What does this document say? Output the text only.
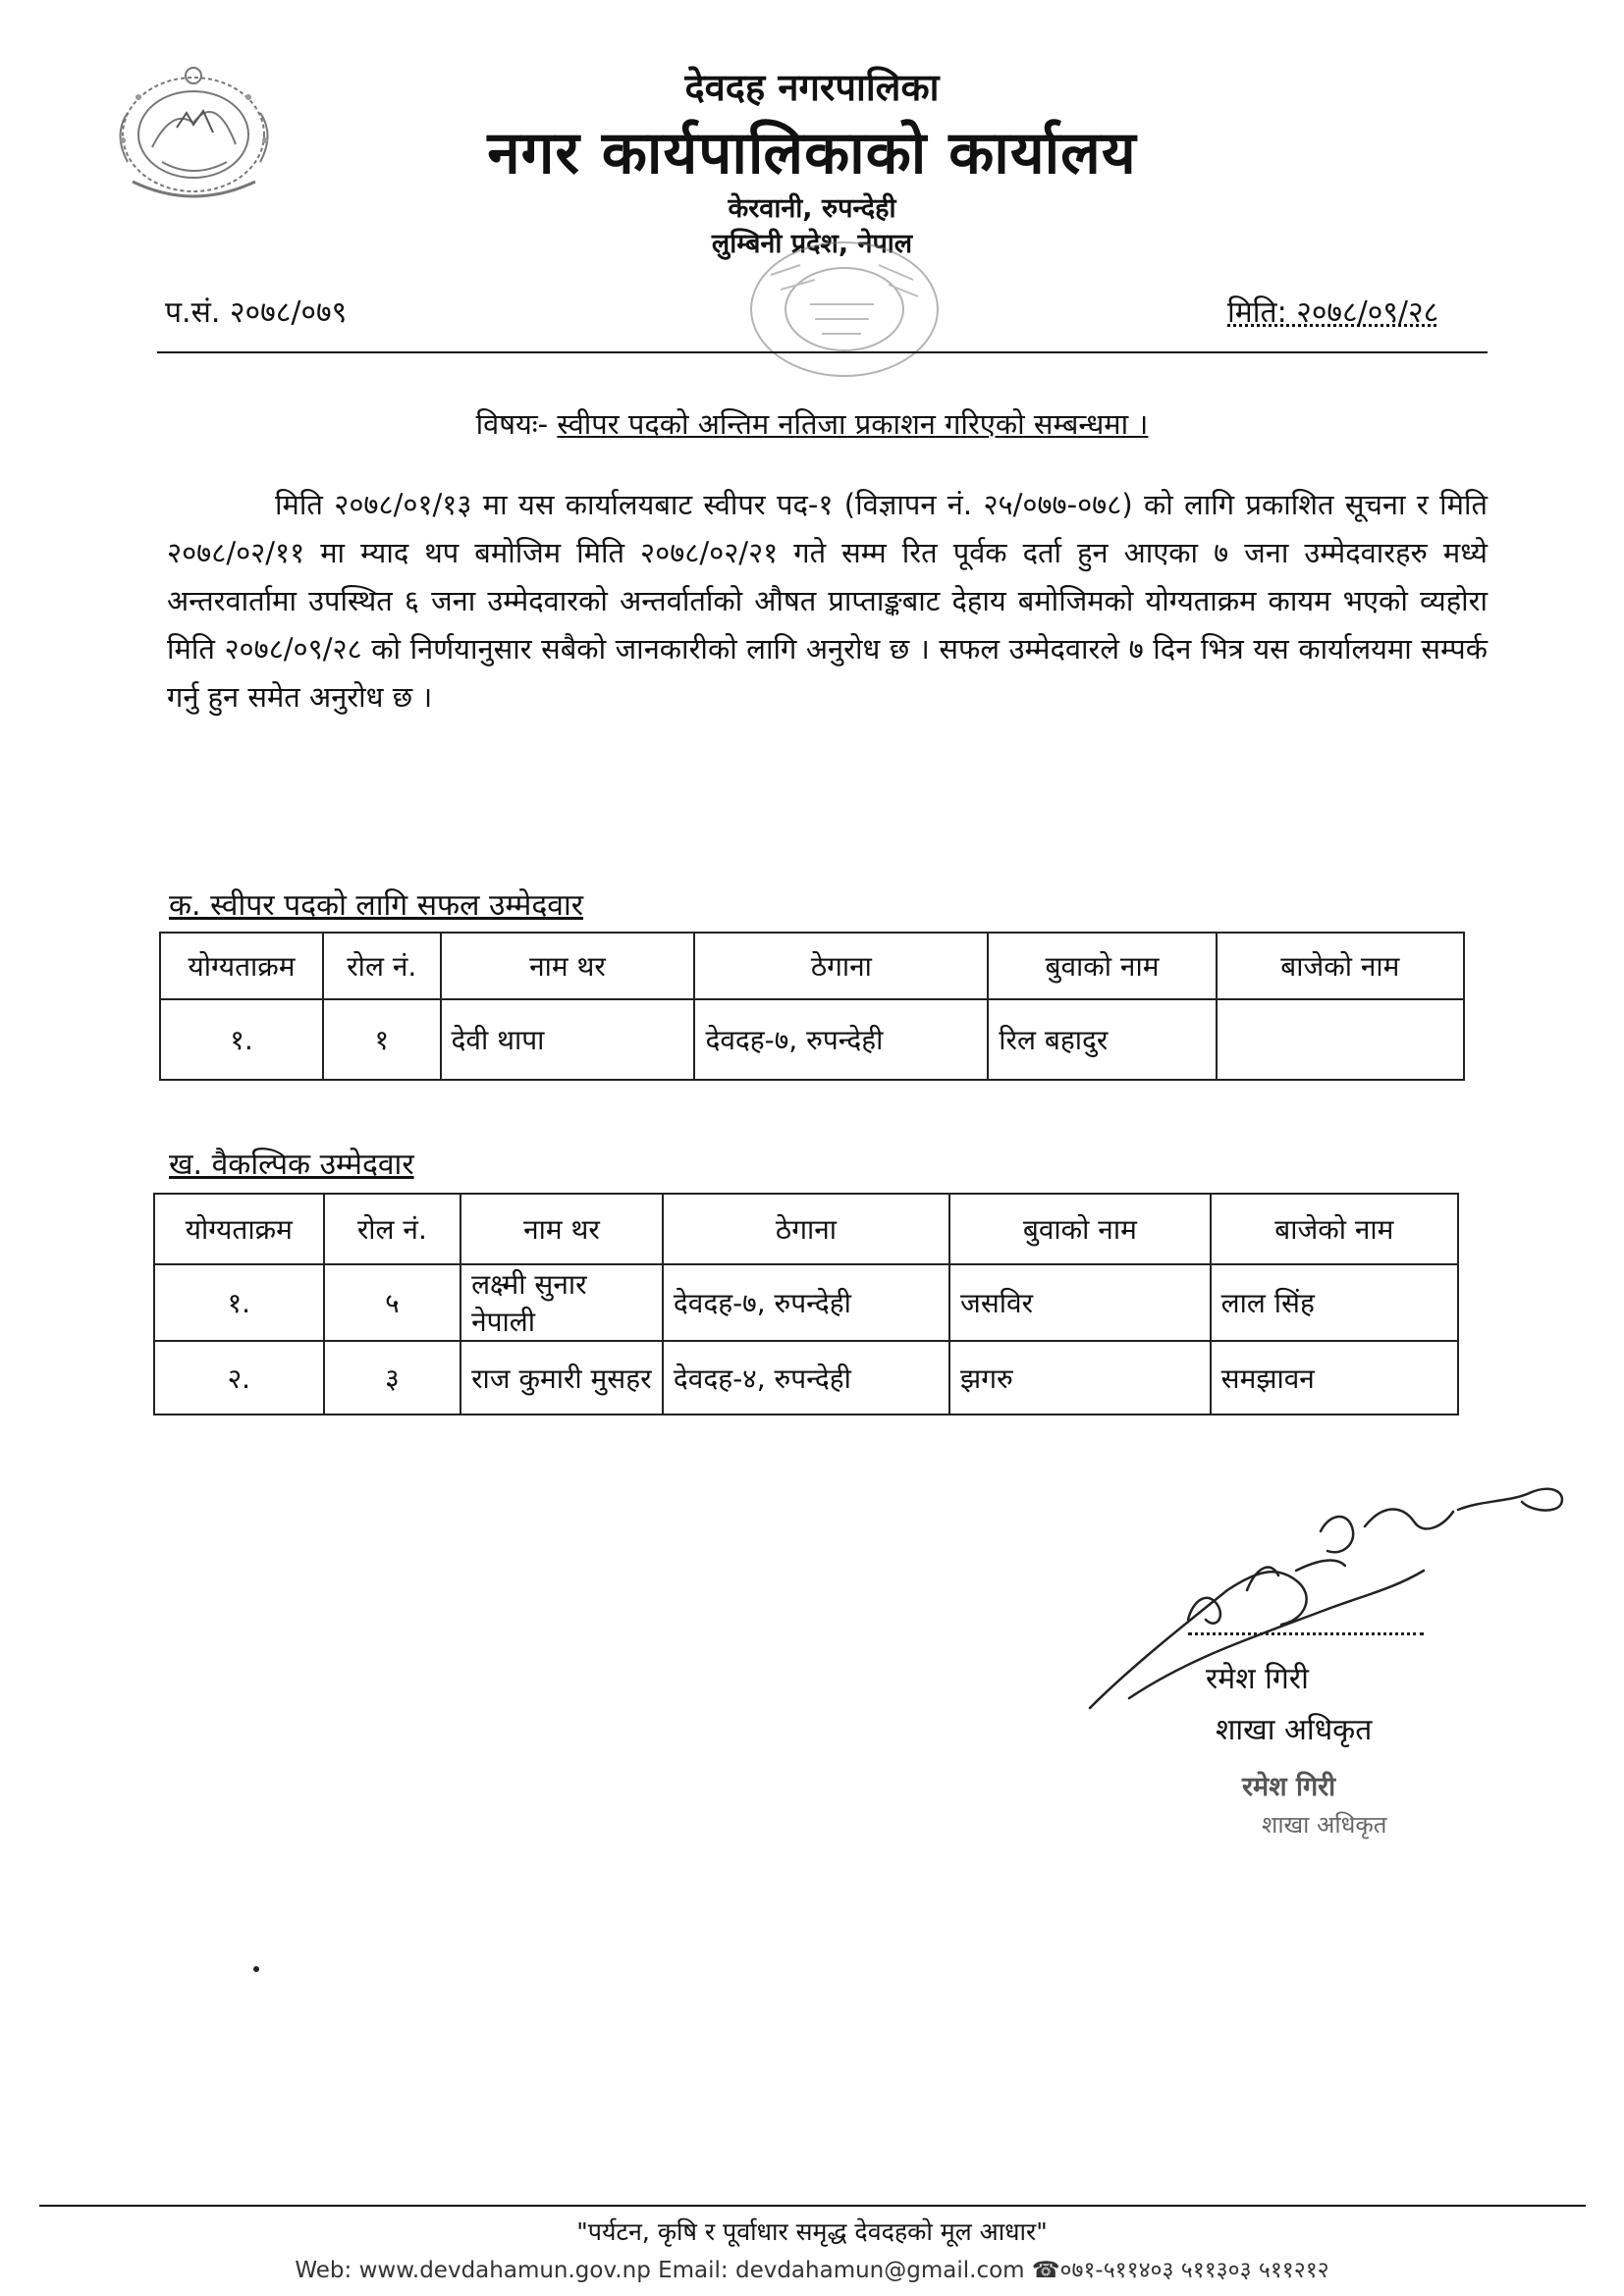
देवदह नगरपालिका
नगर कार्यपालिकाको कार्यालय
केरवानी, रुपन्देही
लुम्बिनी प्रदेश, नेपाल
प.सं. २०७८/०७९	मिति: २०७८/०९/२८
विषयः- स्वीपर पदको अन्तिम नतिजा प्रकाशन गरिएको सम्बन्धमा ।
मिति २०७८/०१/१३ मा यस कार्यालयबाट स्वीपर पद-१ (विज्ञापन नं. २५/०७७-०७८) को लागि प्रकाशित सूचना र मिति २०७८/०२/११ मा म्याद थप बमोजिम मिति २०७८/०२/२१ गते सम्म रित पूर्वक दर्ता हुन आएका ७ जना उम्मेदवारहरु मध्ये अन्तरवार्तामा उपस्थित ६ जना उम्मेदवारको अन्तर्वार्ताको औषत प्राप्ताङ्कबाट देहाय बमोजिमको योग्यताक्रम कायम भएको व्यहोरा मिति २०७८/०९/२८ को निर्णयानुसार सबैको जानकारीको लागि अनुरोध छ । सफल उम्मेदवारले ७ दिन भित्र यस कार्यालयमा सम्पर्क गर्नु हुन समेत अनुरोध छ ।
क. स्वीपर पदको लागि सफल उम्मेदवार
योग्यताक्रम	रोल नं.	नाम थर	ठेगाना	बुवाको नाम	बाजेको नाम
१.	१	देवी थापा	देवदह-७, रुपन्देही	रिल बहादुर	
ख. वैकल्पिक उम्मेदवार
योग्यताक्रम	रोल नं.	नाम थर	ठेगाना	बुवाको नाम	बाजेको नाम
१.	५	लक्ष्मी सुनार नेपाली	देवदह-७, रुपन्देही	जसविर	लाल सिंह
२.	३	राज कुमारी मुसहर	देवदह-४, रुपन्देही	झगरु	समझावन
रमेश गिरी
शाखा अधिकृत
रमेश गिरी
शाखा अधिकृत
"पर्यटन, कृषि र पूर्वाधार समृद्ध देवदहको मूल आधार"
Web: www.devdahamun.gov.np Email: devdahamun@gmail.com ☎०७१-५११४०३ ५११३०३ ५११२१२
